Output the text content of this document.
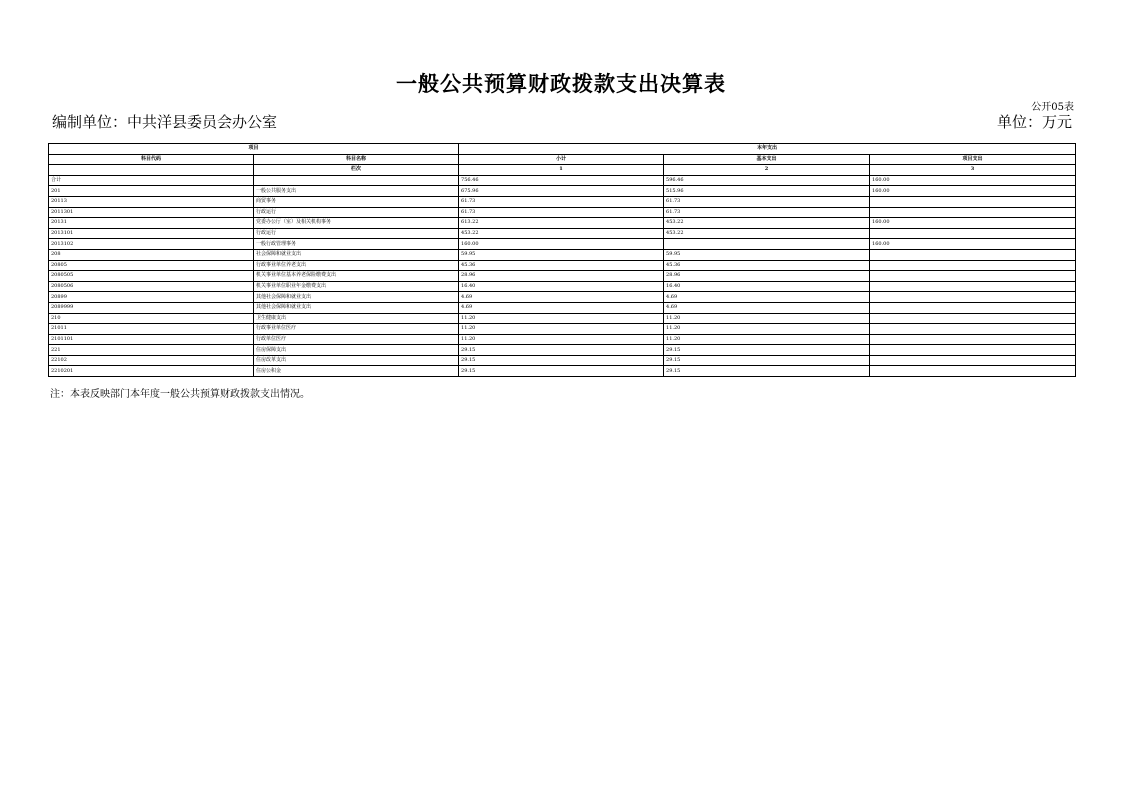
一般公共预算财政拨款支出决算表
公开05表
编制单位：中共洋县委员会办公室	单位：万元
项目		本年支出		
科目代码	科目名称	小计	基本支出	项目支出
	栏次	1	2	3
合计		756.46	596.46	160.00
201	一般公共服务支出	675.96	515.96	160.00
20113	商贸事务	61.73	61.73	
2011301	行政运行	61.73	61.73	
20131	党委办公厅（室）及相关机构事务	613.22	453.22	160.00
2013101	行政运行	453.22	453.22	
2013102	一般行政管理事务	160.00		160.00
208	社会保障和就业支出	59.95	59.95	
20805	行政事业单位养老支出	45.36	45.36	
2080505	机关事业单位基本养老保险缴费支出	28.96	28.96	
2080506	机关事业单位职业年金缴费支出	16.40	16.40	
20899	其他社会保障和就业支出	4.69	4.69	
2089999	其他社会保障和就业支出	4.69	4.69	
210	卫生健康支出	11.20	11.20	
21011	行政事业单位医疗	11.20	11.20	
2101101	行政单位医疗	11.20	11.20	
221	住房保障支出	29.15	29.15	
22102	住房改革支出	29.15	29.15	
2210201	住房公积金	29.15	29.15	
注：本表反映部门本年度一般公共预算财政拨款支出情况。
